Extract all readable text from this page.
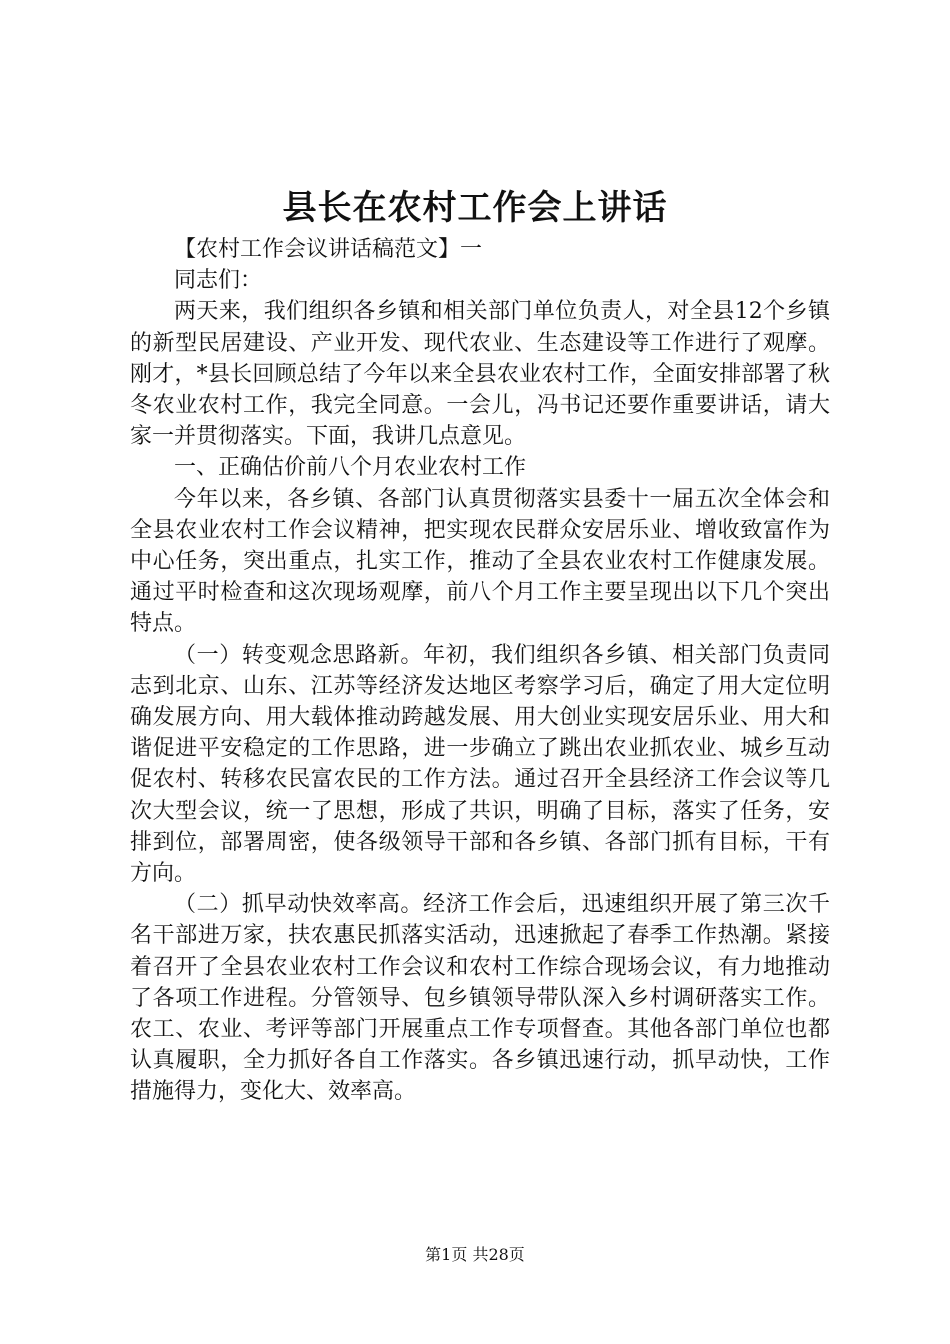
县长在农村工作会上讲话

【农村工作会议讲话稿范文】一

同志们：

两天来，我们组织各乡镇和相关部门单位负责人，对全县12个乡镇的新型民居建设、产业开发、现代农业、生态建设等工作进行了观摩。刚才，*县长回顾总结了今年以来全县农业农村工作，全面安排部署了秋冬农业农村工作，我完全同意。一会儿，冯书记还要作重要讲话，请大家一并贯彻落实。下面，我讲几点意见。

一、正确估价前八个月农业农村工作

今年以来，各乡镇、各部门认真贯彻落实县委十一届五次全体会和全县农业农村工作会议精神，把实现农民群众安居乐业、增收致富作为中心任务，突出重点，扎实工作，推动了全县农业农村工作健康发展。通过平时检查和这次现场观摩，前八个月工作主要呈现出以下几个突出特点。

（一）转变观念思路新。年初，我们组织各乡镇、相关部门负责同志到北京、山东、江苏等经济发达地区考察学习后，确定了用大定位明确发展方向、用大载体推动跨越发展、用大创业实现安居乐业、用大和谐促进平安稳定的工作思路，进一步确立了跳出农业抓农业、城乡互动促农村、转移农民富农民的工作方法。通过召开全县经济工作会议等几次大型会议，统一了思想，形成了共识，明确了目标，落实了任务，安排到位，部署周密，使各级领导干部和各乡镇、各部门抓有目标，干有方向。

（二）抓早动快效率高。经济工作会后，迅速组织开展了第三次千名干部进万家，扶农惠民抓落实活动，迅速掀起了春季工作热潮。紧接着召开了全县农业农村工作会议和农村工作综合现场会议，有力地推动了各项工作进程。分管领导、包乡镇领导带队深入乡村调研落实工作。农工、农业、考评等部门开展重点工作专项督查。其他各部门单位也都认真履职，全力抓好各自工作落实。各乡镇迅速行动，抓早动快，工作措施得力，变化大、效率高。

第1页 共28页
